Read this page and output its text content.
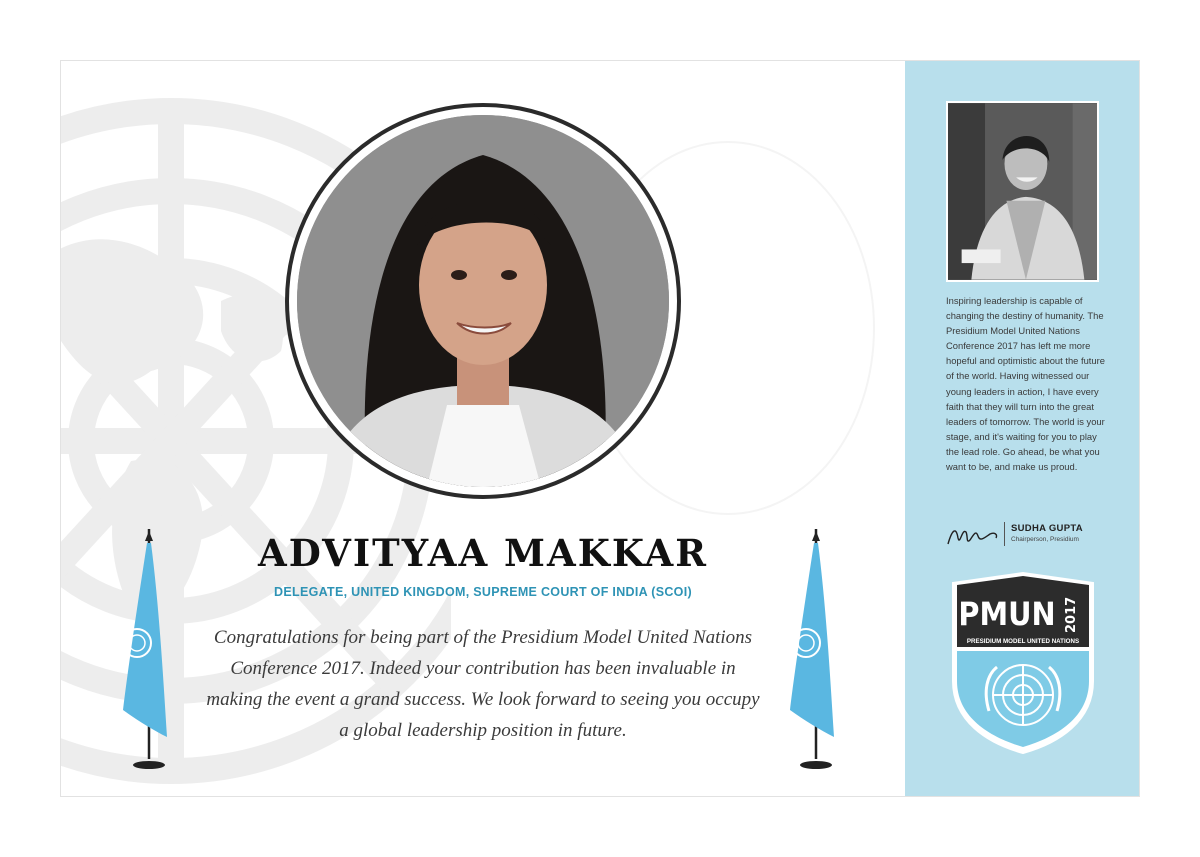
ADVITYAA MAKKAR
DELEGATE, UNITED KINGDOM, SUPREME COURT OF INDIA (SCOI)

Congratulations for being part of the Presidium Model United Nations Conference 2017. Indeed your contribution has been invaluable in making the event a grand success. We look forward to seeing you occupy a global leadership position in future.

Inspiring leadership is capable of changing the destiny of humanity. The Presidium Model United Nations Conference 2017 has left me more hopeful and optimistic about the future of the world. Having witnessed our young leaders in action, I have every faith that they will turn into the great leaders of tomorrow. The world is your stage, and it's waiting for you to play the lead role. Go ahead, be what you want to be, and make us proud.

SUDHA GUPTA
Chairperson, Presidium
PMUN 2017
PRESIDIUM MODEL UNITED NATIONS
